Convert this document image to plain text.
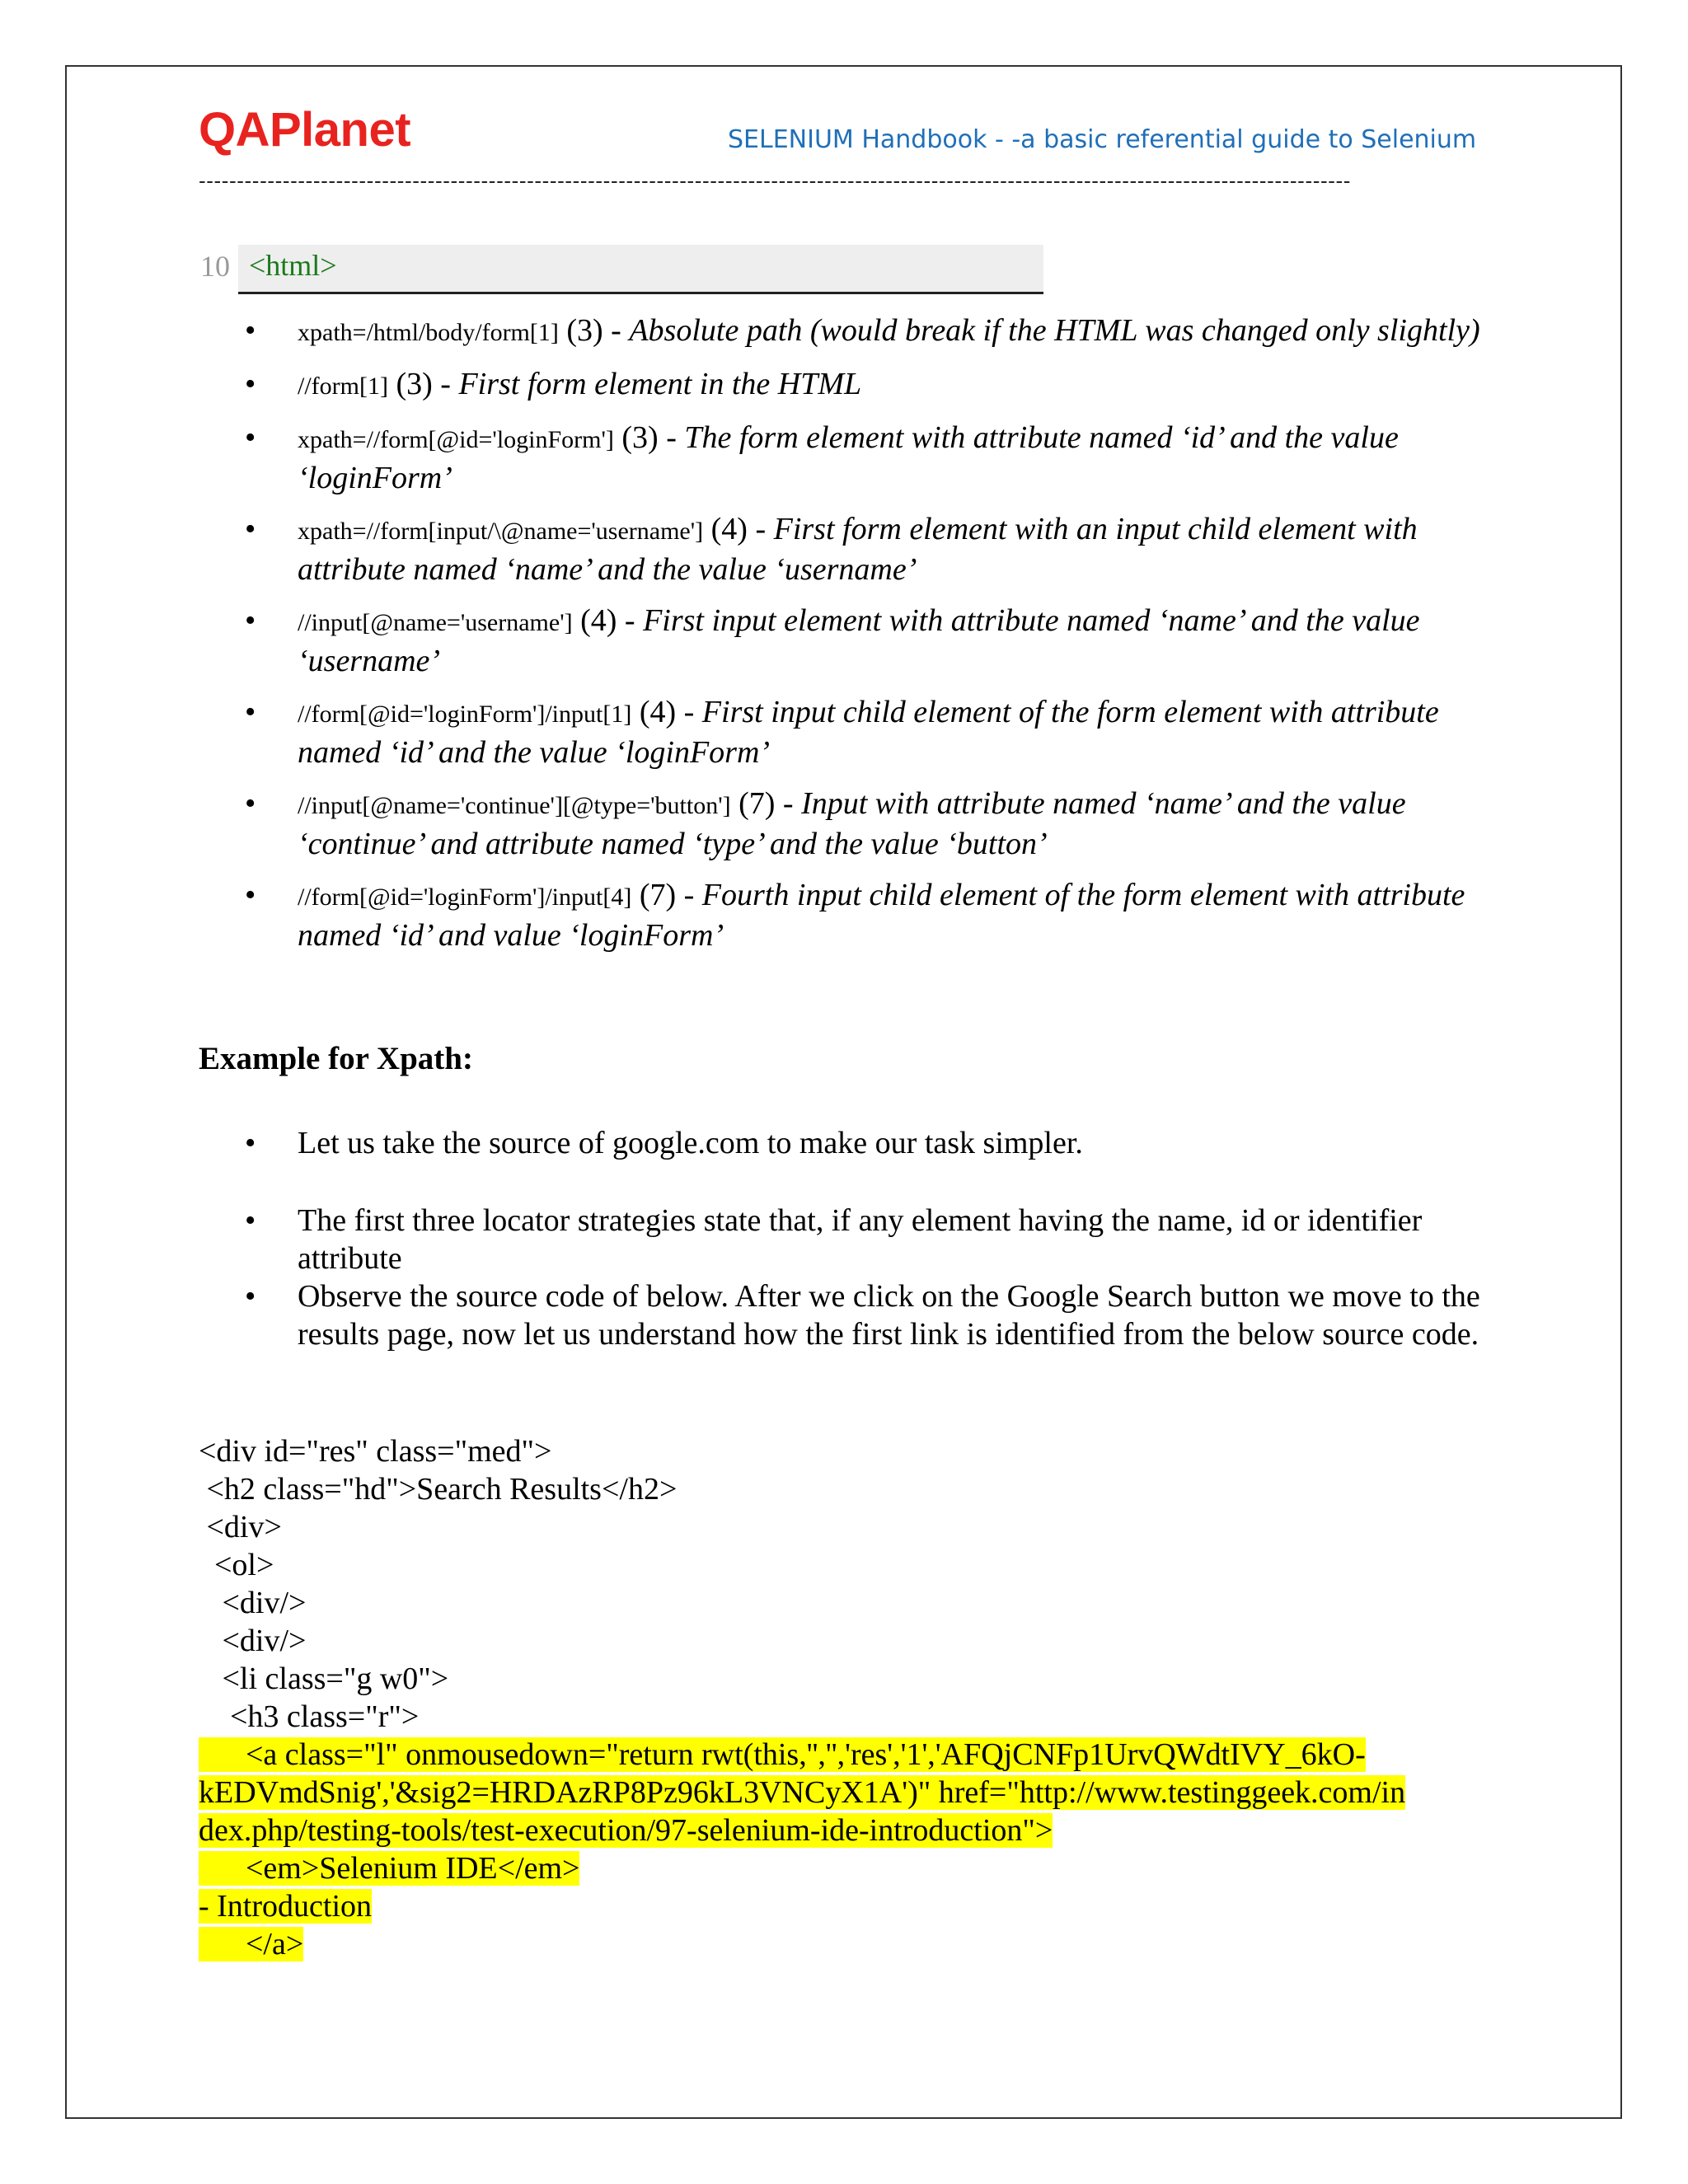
QAPlanet	SELENIUM Handbook - -a basic referential guide to Selenium
-------------------------------------------------------------------------------------------------------------------------------------------------------
10 <html>
• xpath=/html/body/form[1] (3) - Absolute path (would break if the HTML was changed only slightly)
• //form[1] (3) - First form element in the HTML
• xpath=//form[@id='loginForm'] (3) - The form element with attribute named ‘id’ and the value ‘loginForm’
• xpath=//form[input/\@name='username'] (4) - First form element with an input child element with attribute named ‘name’ and the value ‘username’
• //input[@name='username'] (4) - First input element with attribute named ‘name’ and the value ‘username’
• //form[@id='loginForm']/input[1] (4) - First input child element of the form element with attribute named ‘id’ and the value ‘loginForm’
• //input[@name='continue'][@type='button'] (7) - Input with attribute named ‘name’ and the value ‘continue’ and attribute named ‘type’ and the value ‘button’
• //form[@id='loginForm']/input[4] (7) - Fourth input child element of the form element with attribute named ‘id’ and value ‘loginForm’
Example for Xpath:
• Let us take the source of google.com to make our task simpler.
• The first three locator strategies state that, if any element having the name, id or identifier attribute
• Observe the source code of below. After we click on the Google Search button we move to the results page, now let us understand how the first link is identified from the below source code.
<div id="res" class="med">
<h2 class="hd">Search Results</h2>
<div>
<ol>
<div/>
<div/>
<li class="g w0">
<h3 class="r">
<a class="l" onmousedown="return rwt(this,'','','res','1','AFQjCNFp1UrvQWdtIVY_6kO-
kEDVmdSnig','&sig2=HRDAzRP8Pz96kL3VNCyX1A')" href="http://www.testinggeek.com/in
dex.php/testing-tools/test-execution/97-selenium-ide-introduction">
<em>Selenium IDE</em>
- Introduction
</a>
